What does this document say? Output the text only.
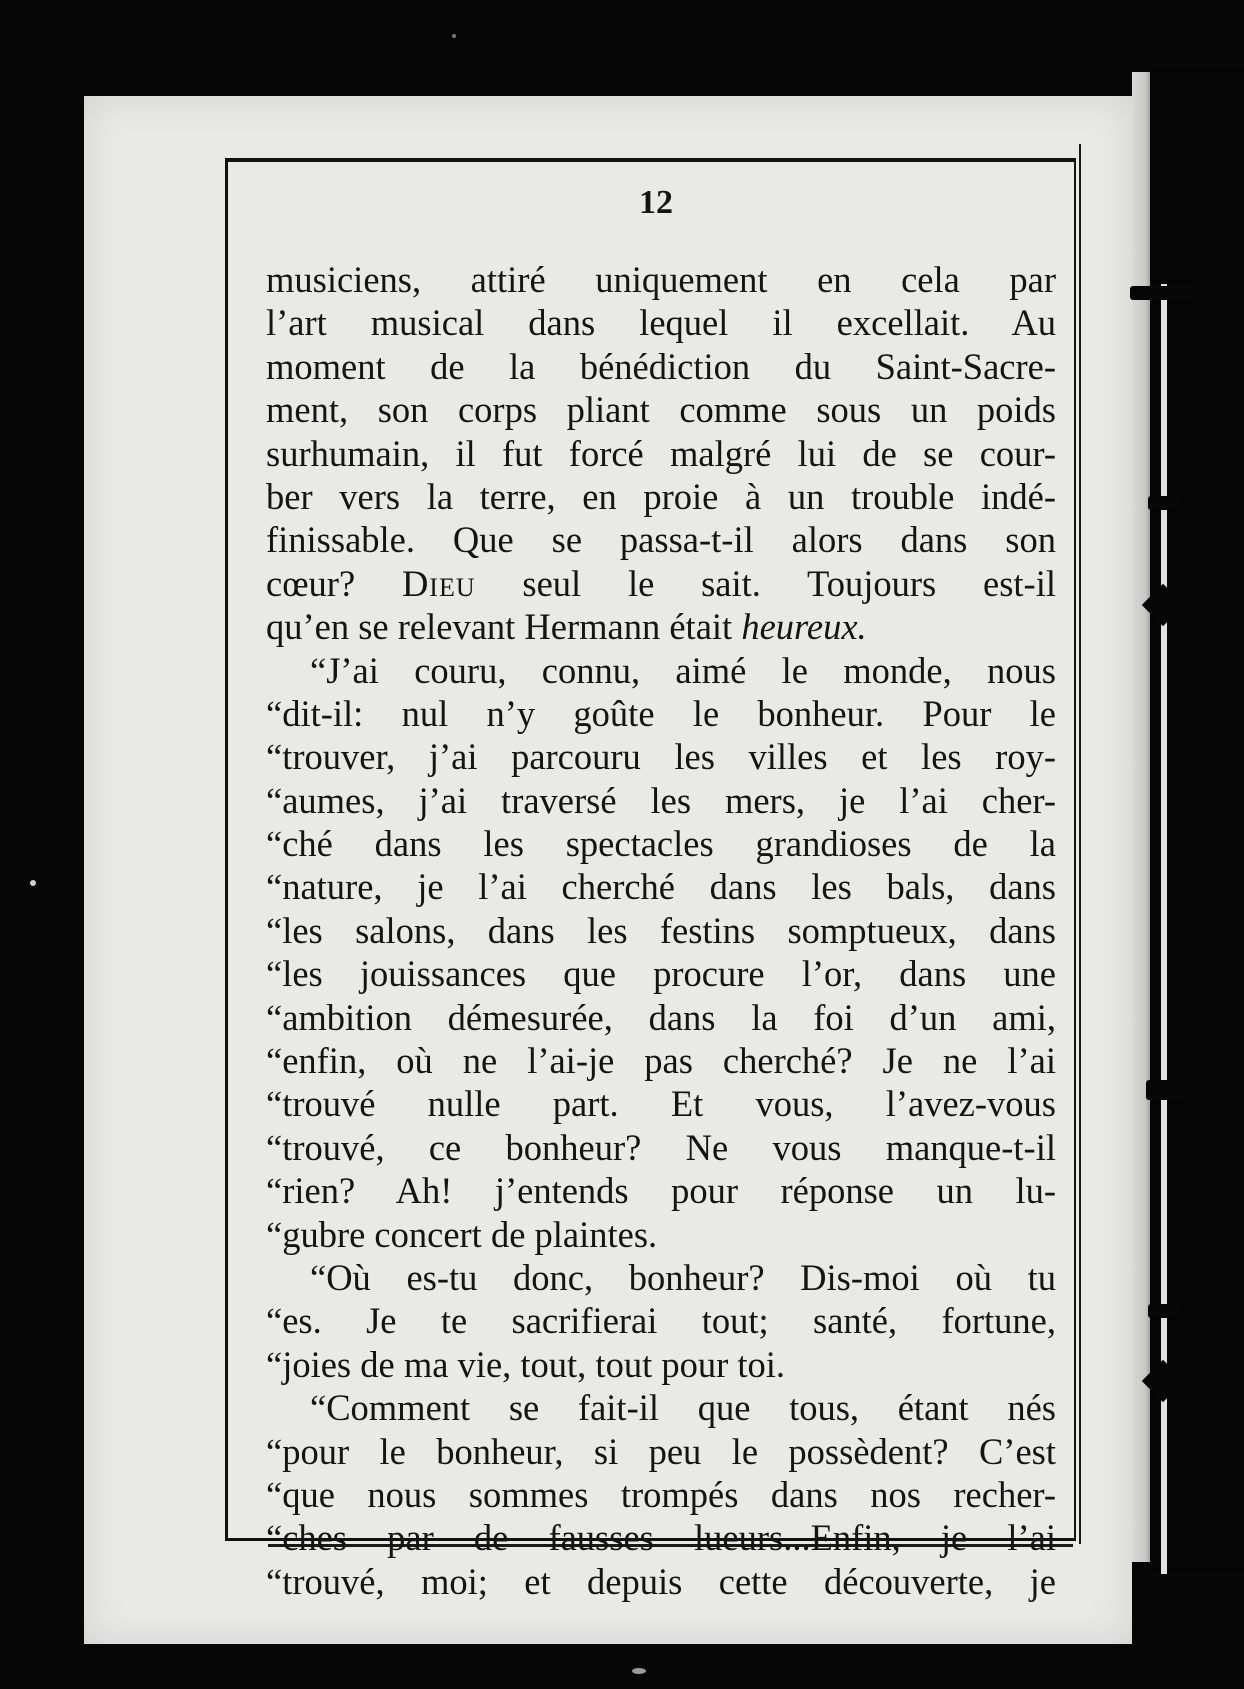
12
musiciens, attiré uniquement en cela par
l’art musical dans lequel il excellait. Au
moment de la bénédiction du Saint-Sacre-
ment, son corps pliant comme sous un poids
surhumain, il fut forcé malgré lui de se cour-
ber vers la terre, en proie à un trouble indé-
finissable. Que se passa-t-il alors dans son
cœur? Dieu seul le sait. Toujours est-il
qu’en se relevant Hermann était heureux.
“J’ai couru, connu, aimé le monde, nous
“dit-il: nul n’y goûte le bonheur. Pour le
“trouver, j’ai parcouru les villes et les roy-
“aumes, j’ai traversé les mers, je l’ai cher-
“ché dans les spectacles grandioses de la
“nature, je l’ai cherché dans les bals, dans
“les salons, dans les festins somptueux, dans
“les jouissances que procure l’or, dans une
“ambition démesurée, dans la foi d’un ami,
“enfin, où ne l’ai-je pas cherché? Je ne l’ai
“trouvé nulle part. Et vous, l’avez-vous
“trouvé, ce bonheur? Ne vous manque-t-il
“rien? Ah! j’entends pour réponse un lu-
“gubre concert de plaintes.
“Où es-tu donc, bonheur? Dis-moi où tu
“es. Je te sacrifierai tout; santé, fortune,
“joies de ma vie, tout, tout pour toi.
“Comment se fait-il que tous, étant nés
“pour le bonheur, si peu le possèdent? C’est
“que nous sommes trompés dans nos recher-
“ches par de fausses lueurs...Enfin, je l’ai
“trouvé, moi; et depuis cette découverte, je
